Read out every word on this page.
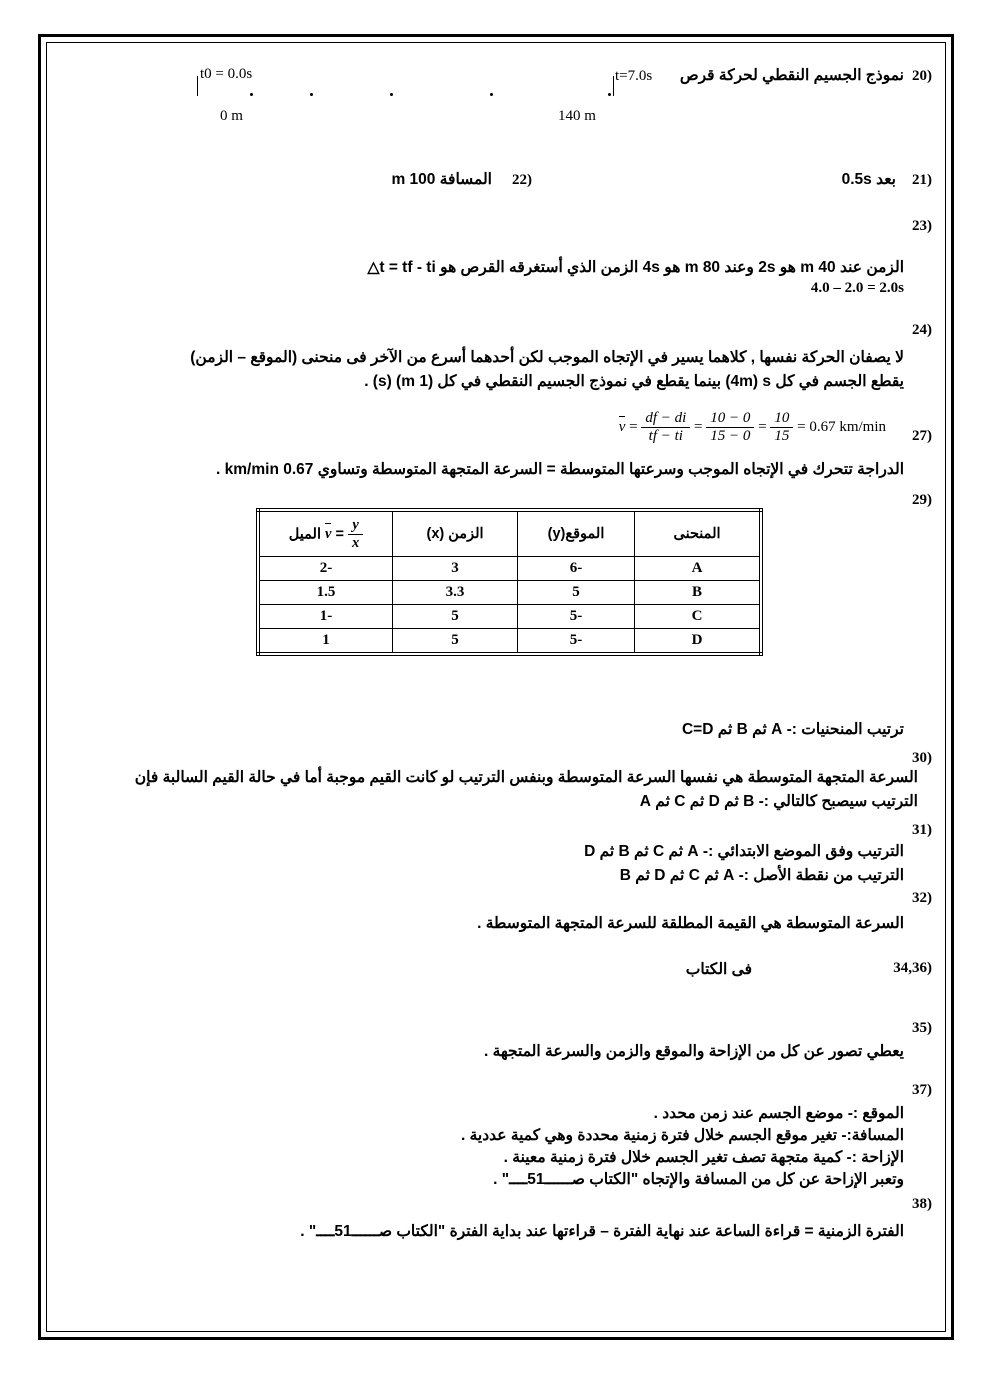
20)
نموذج الجسيم النقطي لحركة قرص
t0 = 0.0s	t=7.0s
0 m	140 m
21)
بعد 0.5s
22)
المسافة 100 m
23)
الزمن عند 40 m هو 2s وعند 80 m هو 4s الزمن الذي أستغرقه القرص هو t = tf - ti△
4.0 – 2.0 = 2.0s
24)
لا يصفان الحركة نفسها , كلاهما يسير في الإتجاه الموجب لكن أحدهما أسرع من الآخر فى منحنى (الموقع – الزمن)
يقطع الجسم في كل 4m) s) بينما يقطع في نموذج الجسيم النقطي في كل (1 m) (s) .
27)
$v = \frac{df - di}{tf - ti} = \frac{10 - 0}{15 - 0} = \frac{10}{15} = 0.67$ km/min
الدراجة تتحرك في الإتجاه الموجب وسرعتها المتوسطة = السرعة المتجهة المتوسطة وتساوي 0.67 km/min .
29)
المنحنى	الموقع(y)	الزمن (x)	$\frac{y}{x}$
= v الميل
A	-6	3	-2
B	5	3.3	1.5
C	-5	5	-1
D	-5	5	1
ترتيب المنحنيات :- A ثم B ثم C=D
30)
السرعة المتجهة المتوسطة هي نفسها السرعة المتوسطة وبنفس الترتيب لو كانت القيم موجبة أما في حالة القيم السالبة فإن
الترتيب سيصبح كالتالي :- B ثم D ثم C ثم A
31)
الترتيب وفق الموضع الابتدائي :- A ثم C ثم B ثم D
الترتيب من نقطة الأصل :- A ثم C ثم D ثم B
32)
السرعة المتوسطة هي القيمة المطلقة للسرعة المتجهة المتوسطة .
34,36)
فى الكتاب
35)
يعطي تصور عن كل من الإزاحة والموقع والزمن والسرعة المتجهة .
37)
الموقع :- موضع الجسم عند زمن محدد .
المسافة:- تغير موقع الجسم خلال فترة زمنية محددة وهي كمية عددية .
الإزاحة :- كمية متجهة تصف تغير الجسم خلال فترة زمنية معينة .
وتعبر الإزاحة عن كل من المسافة والإتجاه "الكتاب صــــــ51ــــ" .
38)
الفترة الزمنية = قراءة الساعة عند نهاية الفترة – قراءتها عند بداية الفترة "الكتاب صــــــ51ــــ" .
